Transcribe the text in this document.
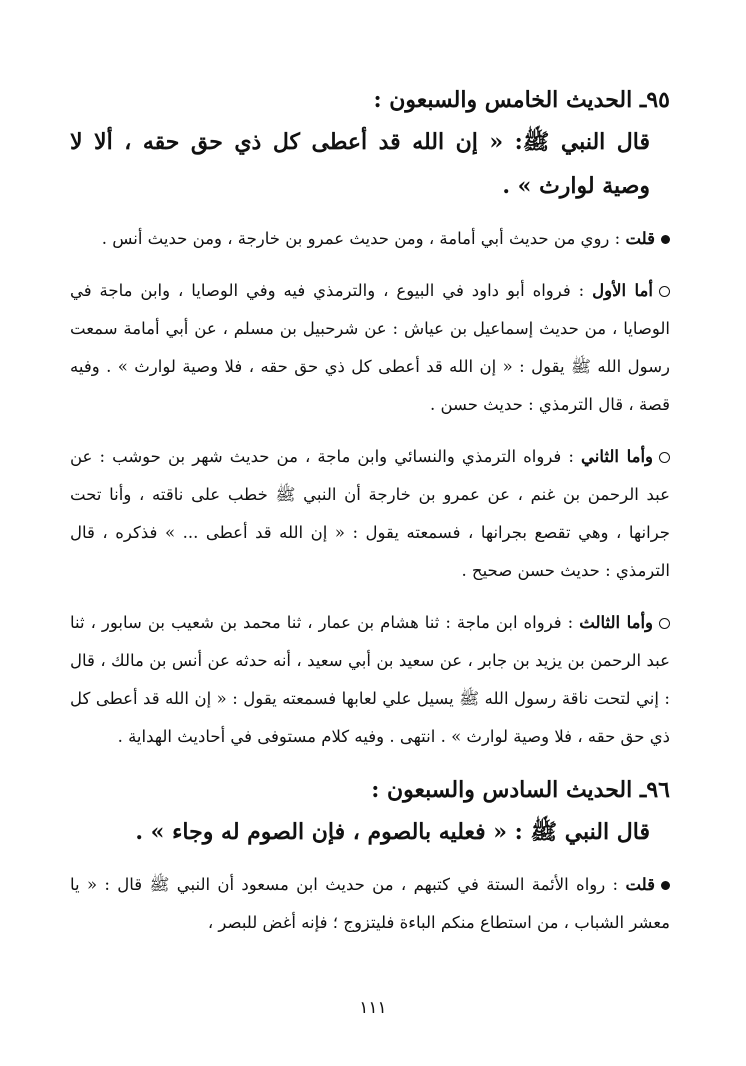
٩٥ـ الحديث الخامس والسبعون :

قال النبي ﷺ: « إن الله قد أعطى كل ذي حق حقه ، ألا لا وصية لوارث » .

قلت : روي من حديث أبي أمامة ، ومن حديث عمرو بن خارجة ، ومن حديث أنس .

أما الأول : فرواه أبو داود في البيوع ، والترمذي فيه وفي الوصايا ، وابن ماجة في الوصايا ، من حديث إسماعيل بن عياش : عن شرحبيل بن مسلم ، عن أبي أمامة سمعت رسول الله ﷺ يقول : « إن الله قد أعطى كل ذي حق حقه ، فلا وصية لوارث » . وفيه قصة ، قال الترمذي : حديث حسن .

وأما الثاني : فرواه الترمذي والنسائي وابن ماجة ، من حديث شهر بن حوشب : عن عبد الرحمن بن غنم ، عن عمرو بن خارجة أن النبي ﷺ خطب على ناقته ، وأنا تحت جرانها ، وهي تقصع بجرانها ، فسمعته يقول : « إن الله قد أعطى ... » فذكره ، قال الترمذي : حديث حسن صحيح .

وأما الثالث : فرواه ابن ماجة : ثنا هشام بن عمار ، ثنا محمد بن شعيب بن سابور ، ثنا عبد الرحمن بن يزيد بن جابر ، عن سعيد بن أبي سعيد ، أنه حدثه عن أنس بن مالك ، قال : إني لتحت ناقة رسول الله ﷺ يسيل علي لعابها فسمعته يقول : « إن الله قد أعطى كل ذي حق حقه ، فلا وصية لوارث » . انتهى . وفيه كلام مستوفى في أحاديث الهداية .

٩٦ـ الحديث السادس والسبعون :

قال النبي ﷺ : « فعليه بالصوم ، فإن الصوم له وجاء » .

قلت : رواه الأئمة الستة في كتبهم ، من حديث ابن مسعود أن النبي ﷺ قال : « يا معشر الشباب ، من استطاع منكم الباءة فليتزوج ؛ فإنه أغض للبصر ،

١١١
